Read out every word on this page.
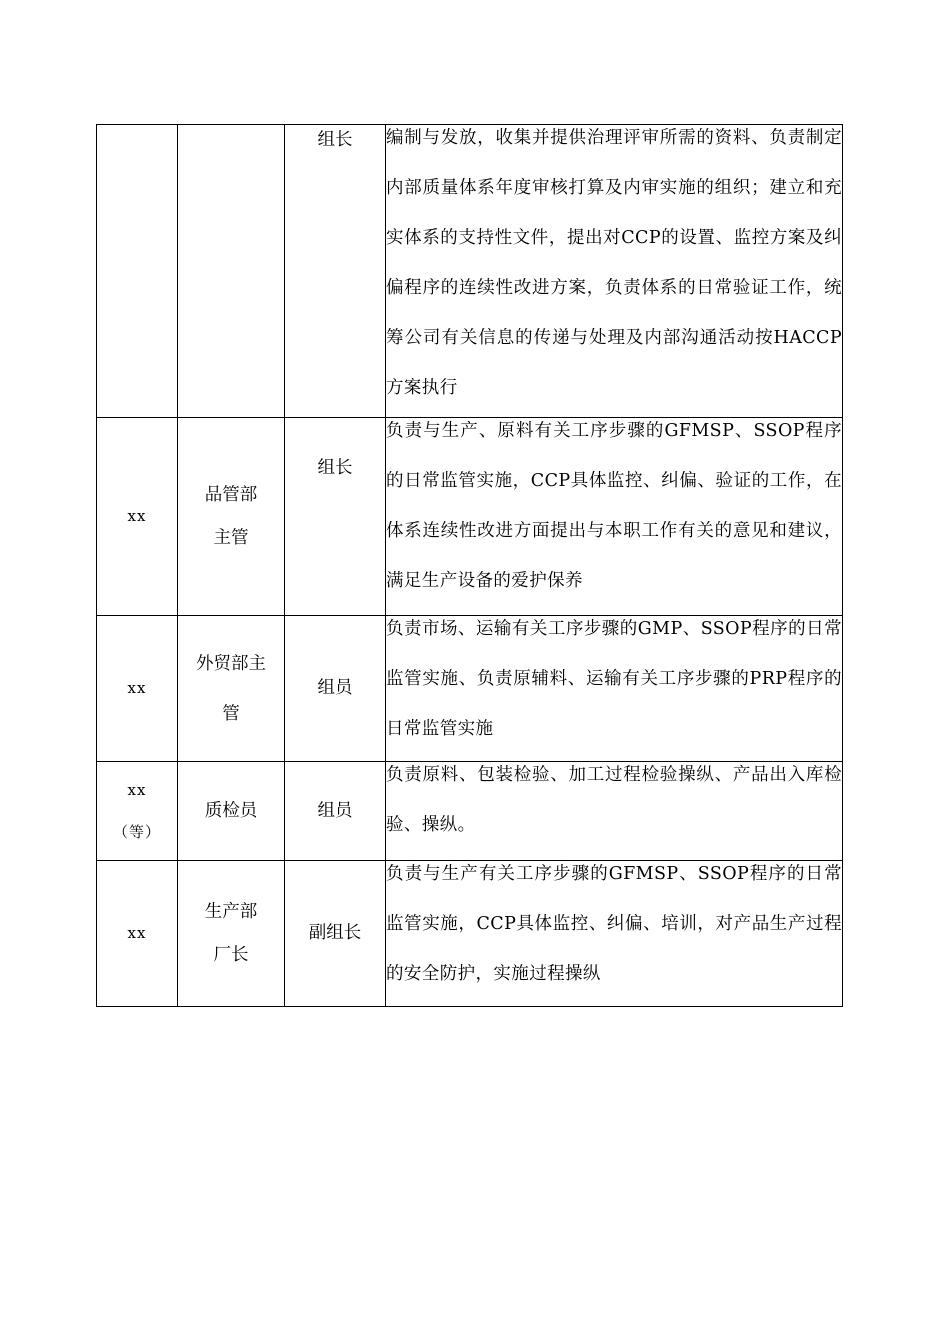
		组长	编制与发放，收集并提供治理评审所需的资料、负责制定内部质量体系年度审核打算及内审实施的组织；建立和充实体系的支持性文件，提出对CCP的设置、监控方案及纠偏程序的连续性改进方案，负责体系的日常验证工作，统筹公司有关信息的传递与处理及内部沟通活动按HACCP方案执行

xx	品管部主管	组长	负责与生产、原料有关工序步骤的GFMSP、SSOP程序的日常监管实施，CCP具体监控、纠偏、验证的工作，在体系连续性改进方面提出与本职工作有关的意见和建议，满足生产设备的爱护保养

xx	外贸部主管	组员	负责市场、运输有关工序步骤的GMP、SSOP程序的日常监管实施、负责原辅料、运输有关工序步骤的PRP程序的日常监管实施

xx（等）	质检员	组员	负责原料、包装检验、加工过程检验操纵、产品出入库检验、操纵。

xx	生产部厂长	副组长	负责与生产有关工序步骤的GFMSP、SSOP程序的日常监管实施，CCP具体监控、纠偏、培训，对产品生产过程的安全防护，实施过程操纵
